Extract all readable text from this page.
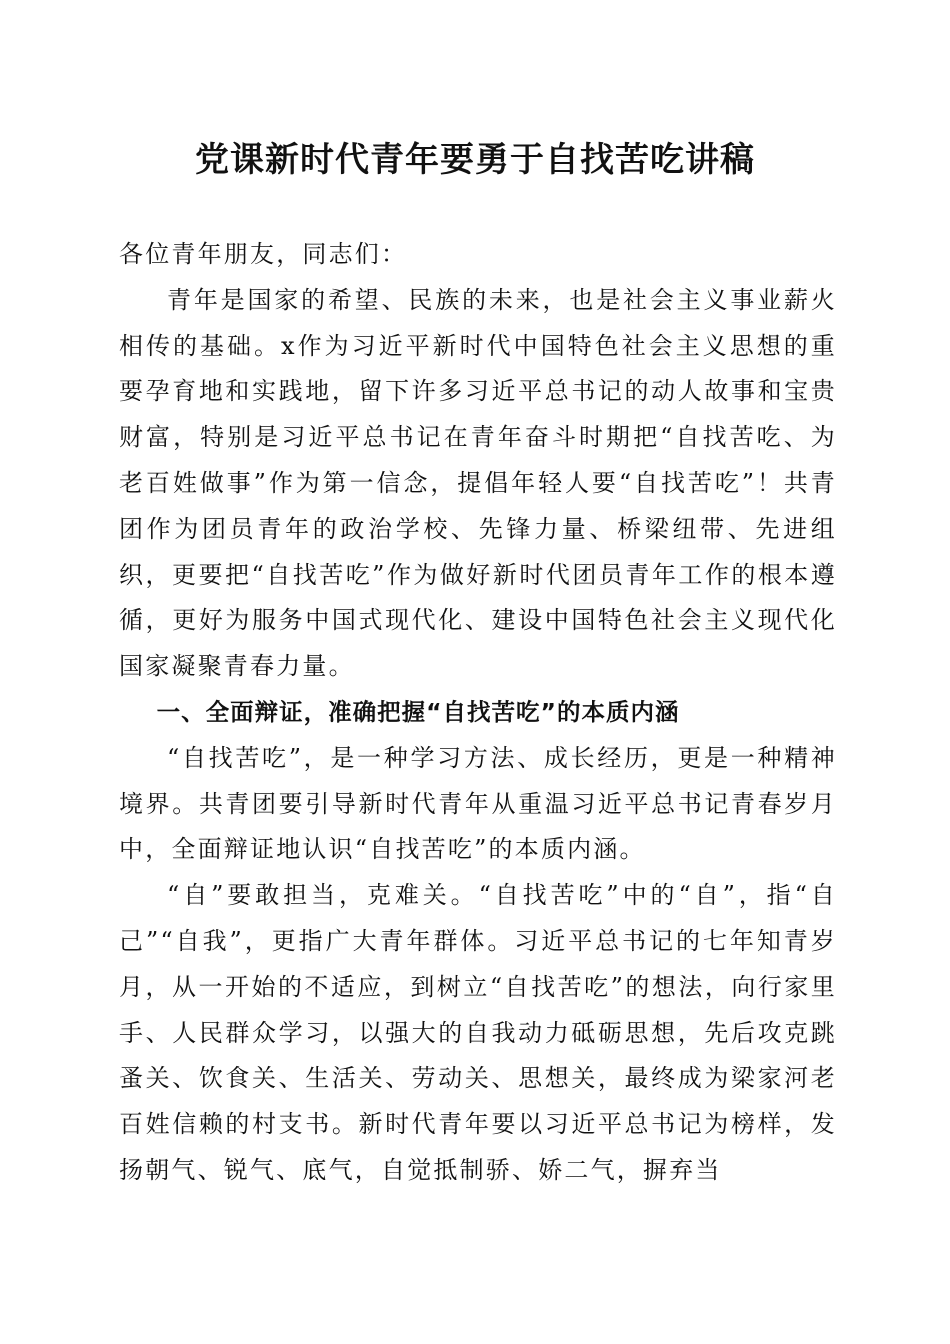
党课新时代青年要勇于自找苦吃讲稿

各位青年朋友，同志们：

青年是国家的希望、民族的未来，也是社会主义事业薪火相传的基础。x作为习近平新时代中国特色社会主义思想的重要孕育地和实践地，留下许多习近平总书记的动人故事和宝贵财富，特别是习近平总书记在青年奋斗时期把“自找苦吃、为老百姓做事”作为第一信念，提倡年轻人要“自找苦吃”！共青团作为团员青年的政治学校、先锋力量、桥梁纽带、先进组织，更要把“自找苦吃”作为做好新时代团员青年工作的根本遵循，更好为服务中国式现代化、建设中国特色社会主义现代化国家凝聚青春力量。

一、全面辩证，准确把握“自找苦吃”的本质内涵

“自找苦吃”，是一种学习方法、成长经历，更是一种精神境界。共青团要引导新时代青年从重温习近平总书记青春岁月中，全面辩证地认识“自找苦吃”的本质内涵。

“自”要敢担当，克难关。“自找苦吃”中的“自”，指“自己”“自我”，更指广大青年群体。习近平总书记的七年知青岁月，从一开始的不适应，到树立“自找苦吃”的想法，向行家里手、人民群众学习，以强大的自我动力砥砺思想，先后攻克跳蚤关、饮食关、生活关、劳动关、思想关，最终成为梁家河老百姓信赖的村支书。新时代青年要以习近平总书记为榜样，发扬朝气、锐气、底气，自觉抵制骄、娇二气，摒弃当
